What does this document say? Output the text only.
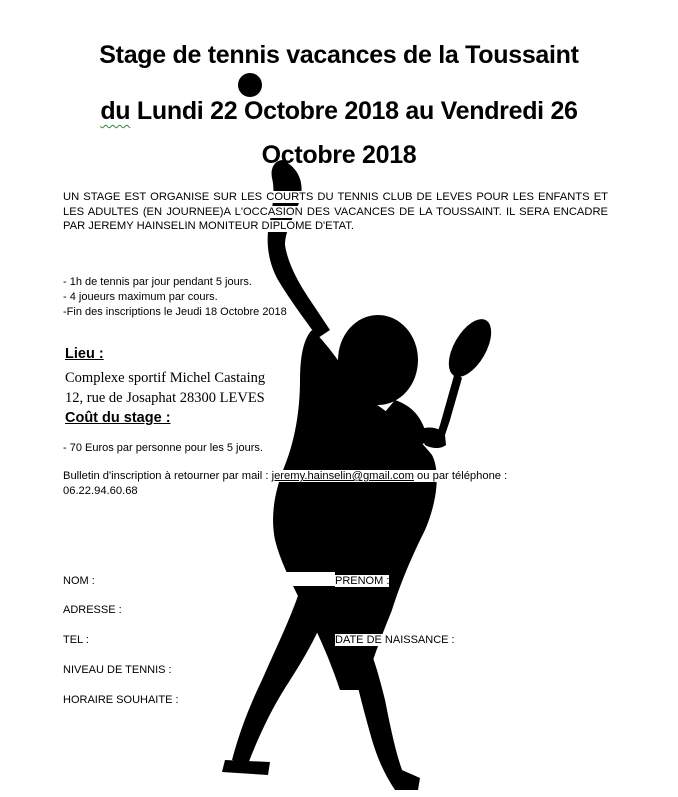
Stage de tennis vacances de la Toussaint
du Lundi 22 Octobre 2018 au Vendredi 26
Octobre 2018
UN STAGE EST ORGANISE SUR LES COURTS DU TENNIS CLUB DE LEVES POUR LES ENFANTS ET LES ADULTES (EN JOURNEE)A L'OCCASION DES VACANCES DE LA TOUSSAINT. IL SERA ENCADRE PAR JEREMY HAINSELIN MONITEUR DIPLOME D'ETAT.
- 1h de tennis par jour pendant 5 jours.
- 4 joueurs maximum par cours.
-Fin des inscriptions le Jeudi 18 Octobre 2018
Lieu :
Complexe sportif Michel Castaing
12, rue de Josaphat 28300 LEVES
Coût du stage :
- 70 Euros par personne pour les 5 jours.
Bulletin d'inscription à retourner par mail : jeremy.hainselin@gmail.com ou par téléphone :
06.22.94.60.68
NOM :	PRENOM :
ADRESSE :
TEL :	DATE DE NAISSANCE :
NIVEAU DE TENNIS :
HORAIRE SOUHAITE :
